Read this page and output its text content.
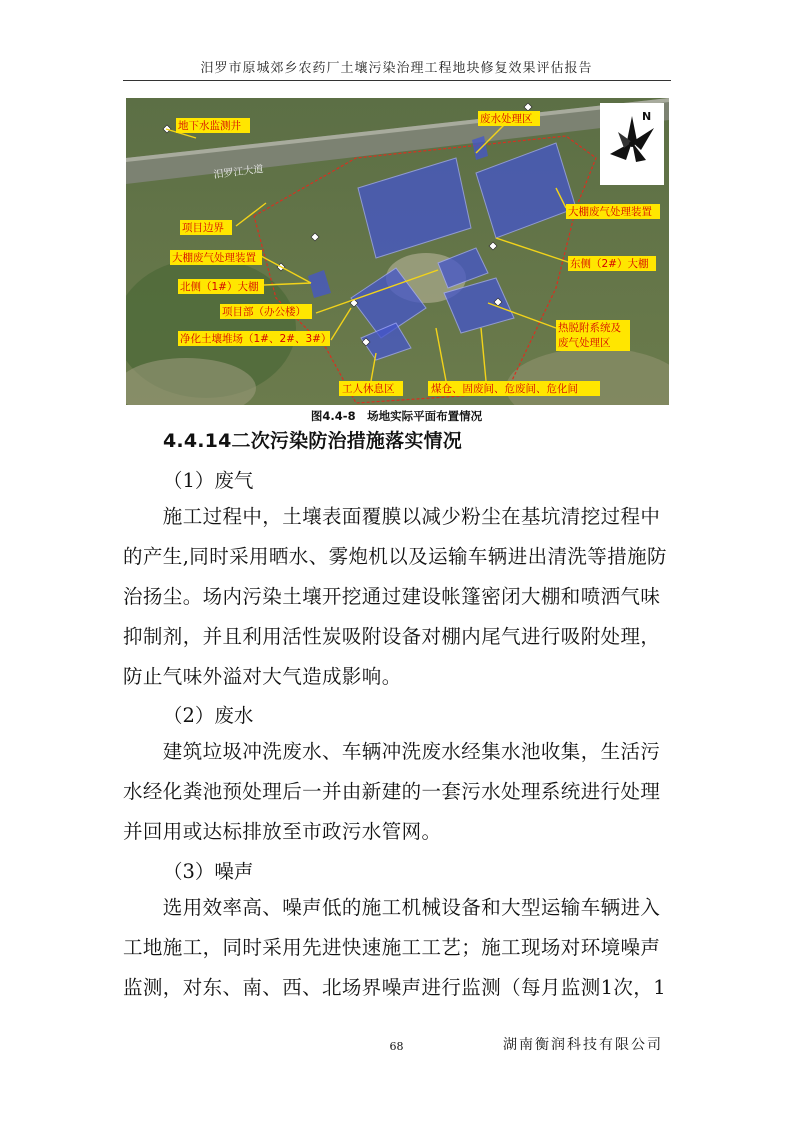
汨罗市原城郊乡农药厂土壤污染治理工程地块修复效果评估报告
汨罗江大道
N
地下水监测井
废水处理区
项目边界
大棚废气处理装置
北侧（1#）大棚
项目部（办公楼）
净化土壤堆场（1#、2#、3#）
大棚废气处理装置
东侧（2#）大棚
热脱附系统及
废气处理区
工人休息区	煤仓、固废间、危废间、危化间
图4.4-8　场地实际平面布置情况
4.4.14二次污染防治措施落实情况
（1）废气
　　施工过程中，土壤表面覆膜以减少粉尘在基坑清挖过程中
的产生,同时采用晒水、雾炮机以及运输车辆进出清洗等措施防
治扬尘。场内污染土壤开挖通过建设帐篷密闭大棚和喷洒气味
抑制剂，并且利用活性炭吸附设备对棚内尾气进行吸附处理，
防止气味外溢对大气造成影响。
（2）废水
　　建筑垃圾冲洗废水、车辆冲洗废水经集水池收集，生活污
水经化粪池预处理后一并由新建的一套污水处理系统进行处理
并回用或达标排放至市政污水管网。
（3）噪声
　　选用效率高、噪声低的施工机械设备和大型运输车辆进入
工地施工，同时采用先进快速施工工艺；施工现场对环境噪声
监测，对东、南、西、北场界噪声进行监测（每月监测1次，1
68	湖南衡润科技有限公司
